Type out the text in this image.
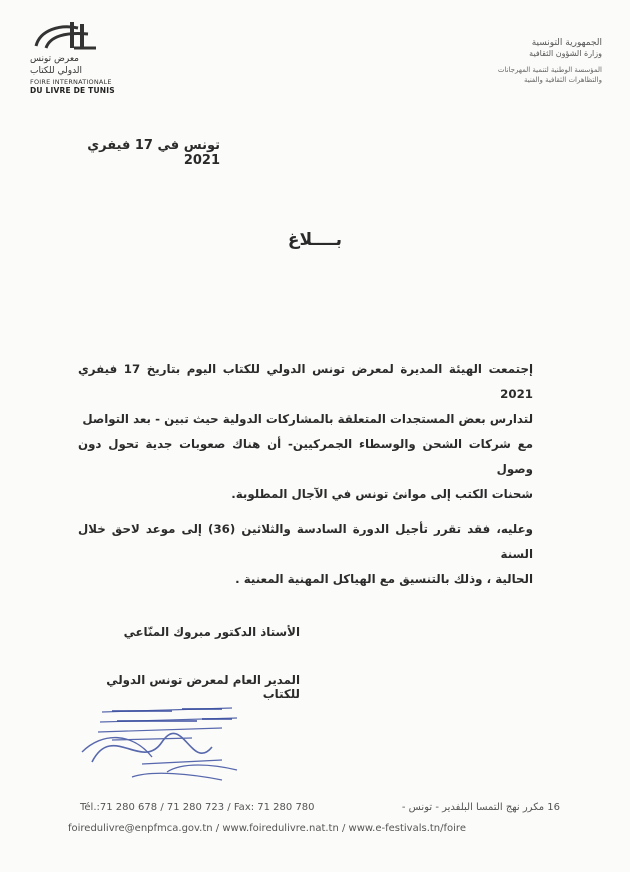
معرض تونس
الدولي للكتاب
FOIRE INTERNATIONALE
DU LIVRE DE TUNIS
الجمهورية التونسية
وزارة الشؤون الثقافية
المؤسسة الوطنية لتنمية المهرجانات
والتظاهرات الثقافية والفنية
تونس في 17 فيفري 2021
بــــلاغ

إجتمعت الهيئة المديرة لمعرض تونس الدولي للكتاب اليوم بتاريخ 17 فيفري 2021

لتدارس بعض المستجدات المتعلقة بالمشاركات الدولية حيث تبين - بعد التواصل

مع شركات الشحن والوسطاء الجمركيين- أن هناك صعوبات جدية تحول دون وصول

شحنات الكتب إلى موانئ تونس في الآجال المطلوبة.

وعليه، فقد تقرر تأجيل الدورة السادسة والثلاثين (36) إلى موعد لاحق خلال السنة

الحالية ، وذلك بالتنسيق مع الهياكل المهنية المعنية .

الأستاذ الدكتور مبروك المنّاعي
المدير العام لمعرض تونس الدولي للكتاب
Tél.:71 280 678 / 71 280 723 / Fax: 71 280 780	16 مكرر نهج التمسا البلفدير - تونس -
foiredulivre@enpfmca.gov.tn / www.foiredulivre.nat.tn / www.e-festivals.tn/foire
